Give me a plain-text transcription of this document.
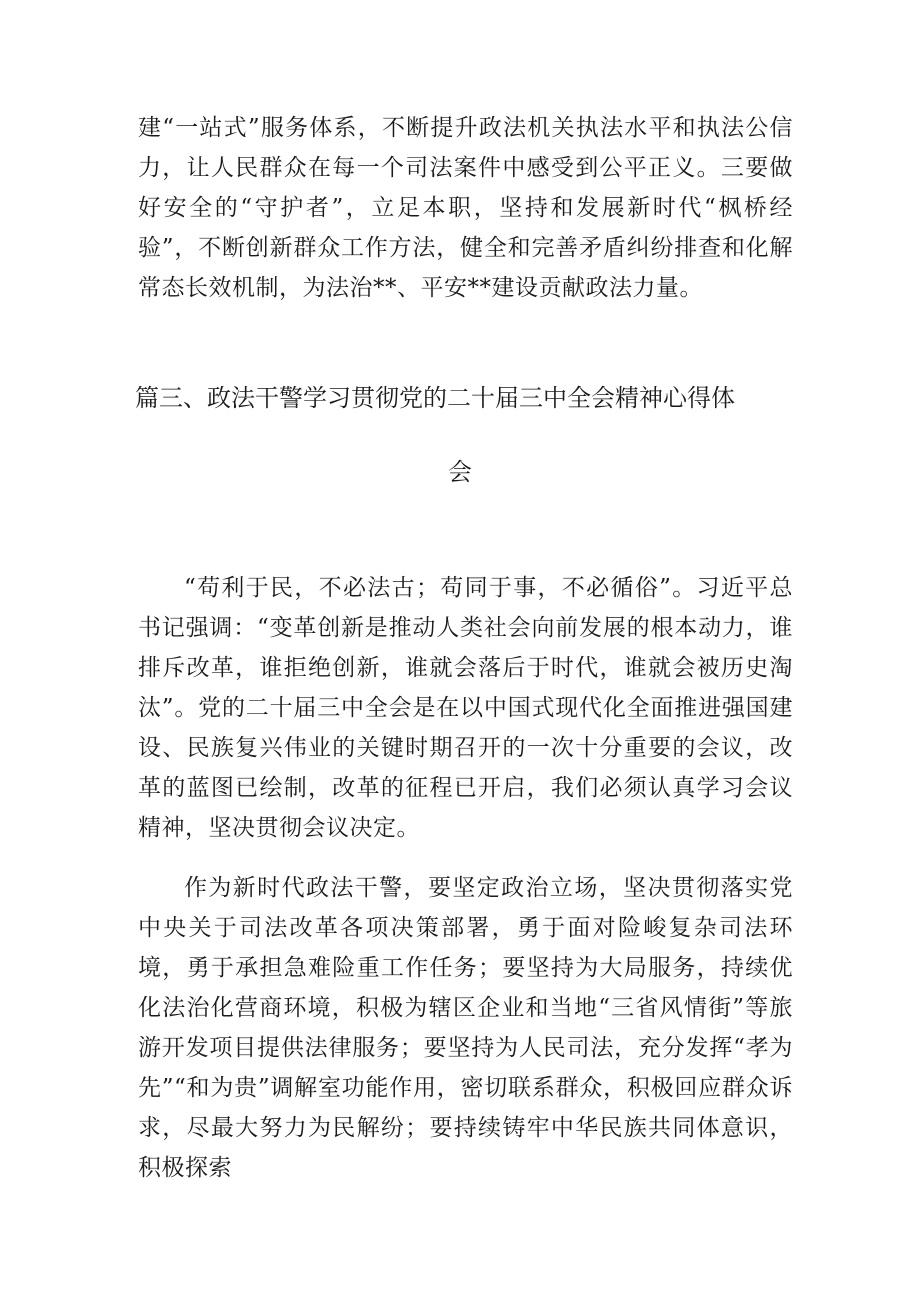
建“一站式”服务体系，不断提升政法机关执法水平和执法公信力，让人民群众在每一个司法案件中感受到公平正义。三要做好安全的“守护者”，立足本职，坚持和发展新时代“枫桥经验”，不断创新群众工作方法，健全和完善矛盾纠纷排查和化解常态长效机制，为法治**、平安**建设贡献政法力量。

篇三、政法干警学习贯彻党的二十届三中全会精神心得体
会

“苟利于民，不必法古；苟同于事，不必循俗”。习近平总书记强调：“变革创新是推动人类社会向前发展的根本动力，谁排斥改革，谁拒绝创新，谁就会落后于时代，谁就会被历史淘汰”。党的二十届三中全会是在以中国式现代化全面推进强国建设、民族复兴伟业的关键时期召开的一次十分重要的会议，改革的蓝图已绘制，改革的征程已开启，我们必须认真学习会议精神，坚决贯彻会议决定。

作为新时代政法干警，要坚定政治立场，坚决贯彻落实党中央关于司法改革各项决策部署，勇于面对险峻复杂司法环境，勇于承担急难险重工作任务；要坚持为大局服务，持续优化法治化营商环境，积极为辖区企业和当地“三省风情街”等旅游开发项目提供法律服务；要坚持为人民司法，充分发挥“孝为先”“和为贵”调解室功能作用，密切联系群众，积极回应群众诉求，尽最大努力为民解纷；要持续铸牢中华民族共同体意识，积极探索
